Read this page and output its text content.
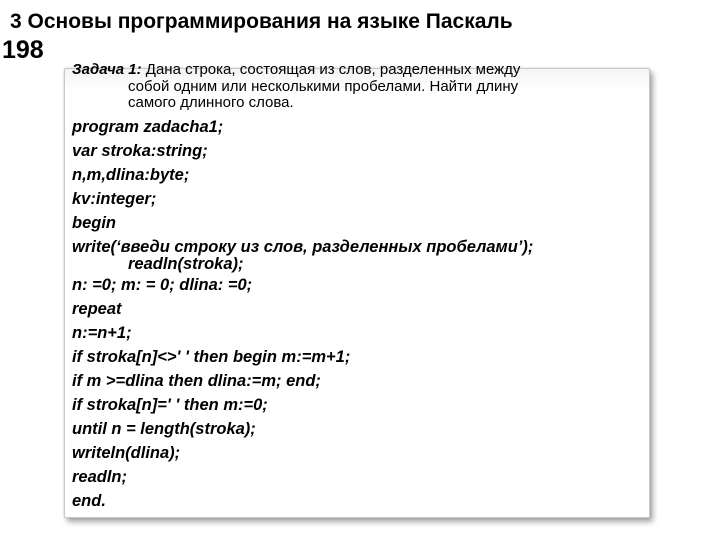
3 Основы программирования на языке Паскаль
198
Задача 1: Дана строка, состоящая из слов, разделенных между
собой одним или несколькими пробелами. Найти длину
самого длинного слова.
program zadacha1;
var stroka:string;
n,m,dlina:byte;
kv:integer;
begin
write(‘введи строку из слов, разделенных пробелами’);
readln(stroka);
n: =0; m: = 0; dlina: =0;
repeat
n:=n+1;
if stroka[n]<>' ' then begin m:=m+1;
if m >=dlina then dlina:=m; end;
if stroka[n]=' ' then m:=0;
until n = length(stroka);
writeln(dlina);
readln;
end.
